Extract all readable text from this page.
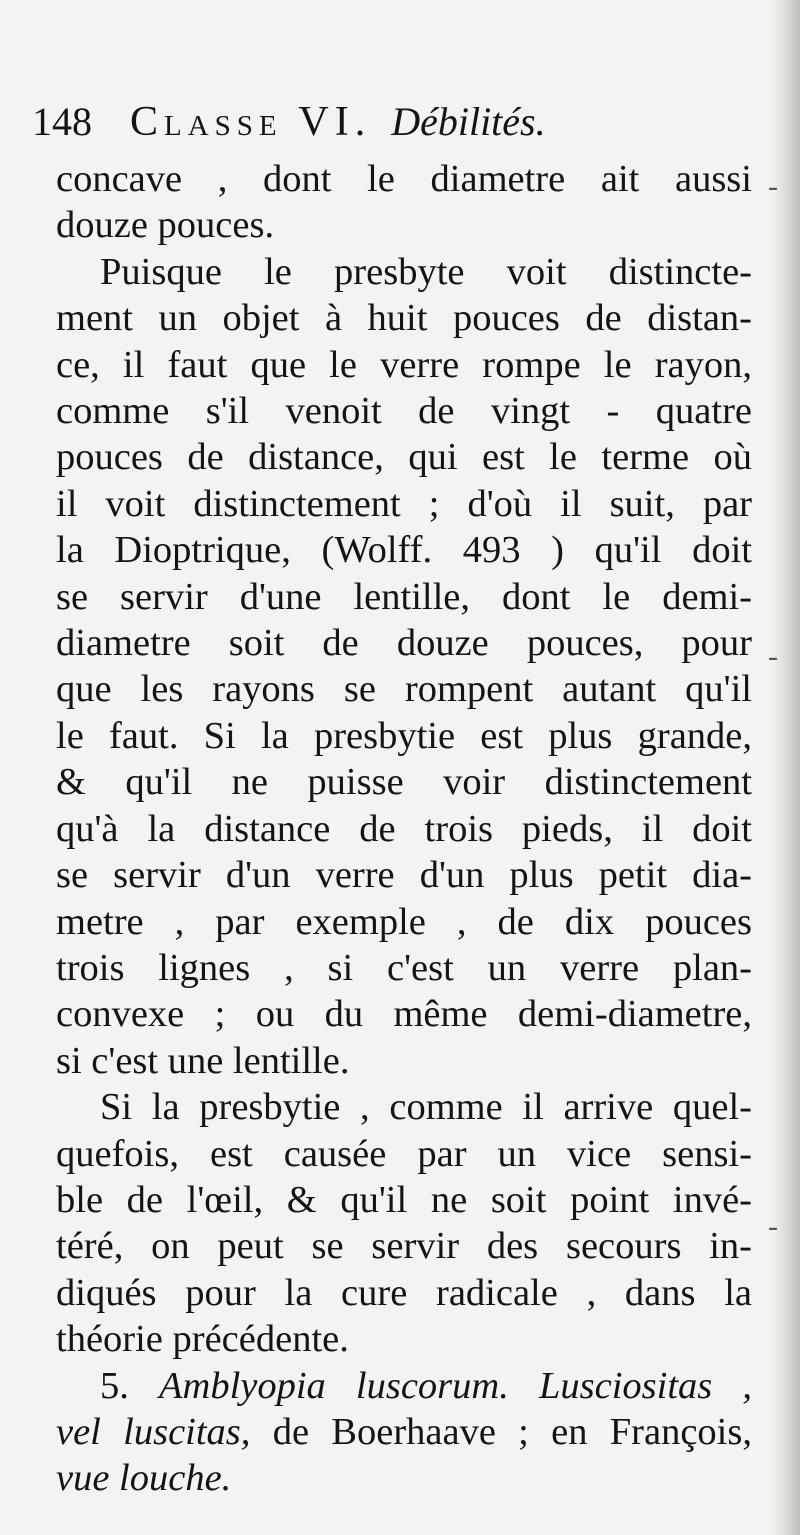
148 Classe VI. Débilités.
concave , dont le diametre ait aussi
douze pouces.
Puisque le presbyte voit distincte-
ment un objet à huit pouces de distan-
ce, il faut que le verre rompe le rayon,
comme s'il venoit de vingt - quatre
pouces de distance, qui est le terme où
il voit distinctement ; d'où il suit, par
la Dioptrique, (Wolff. 493 ) qu'il doit
se servir d'une lentille, dont le demi-
diametre soit de douze pouces, pour
que les rayons se rompent autant qu'il
le faut. Si la presbytie est plus grande,
& qu'il ne puisse voir distinctement
qu'à la distance de trois pieds, il doit
se servir d'un verre d'un plus petit dia-
metre , par exemple , de dix pouces
trois lignes , si c'est un verre plan-
convexe ; ou du même demi-diametre,
si c'est une lentille.
Si la presbytie , comme il arrive quel-
quefois, est causée par un vice sensi-
ble de l'œil, & qu'il ne soit point invé-
téré, on peut se servir des secours in-
diqués pour la cure radicale , dans la
théorie précédente.
5. Amblyopia luscorum. Lusciositas ,
vel luscitas, de Boerhaave ; en François,
vue louche.
-
-
-
